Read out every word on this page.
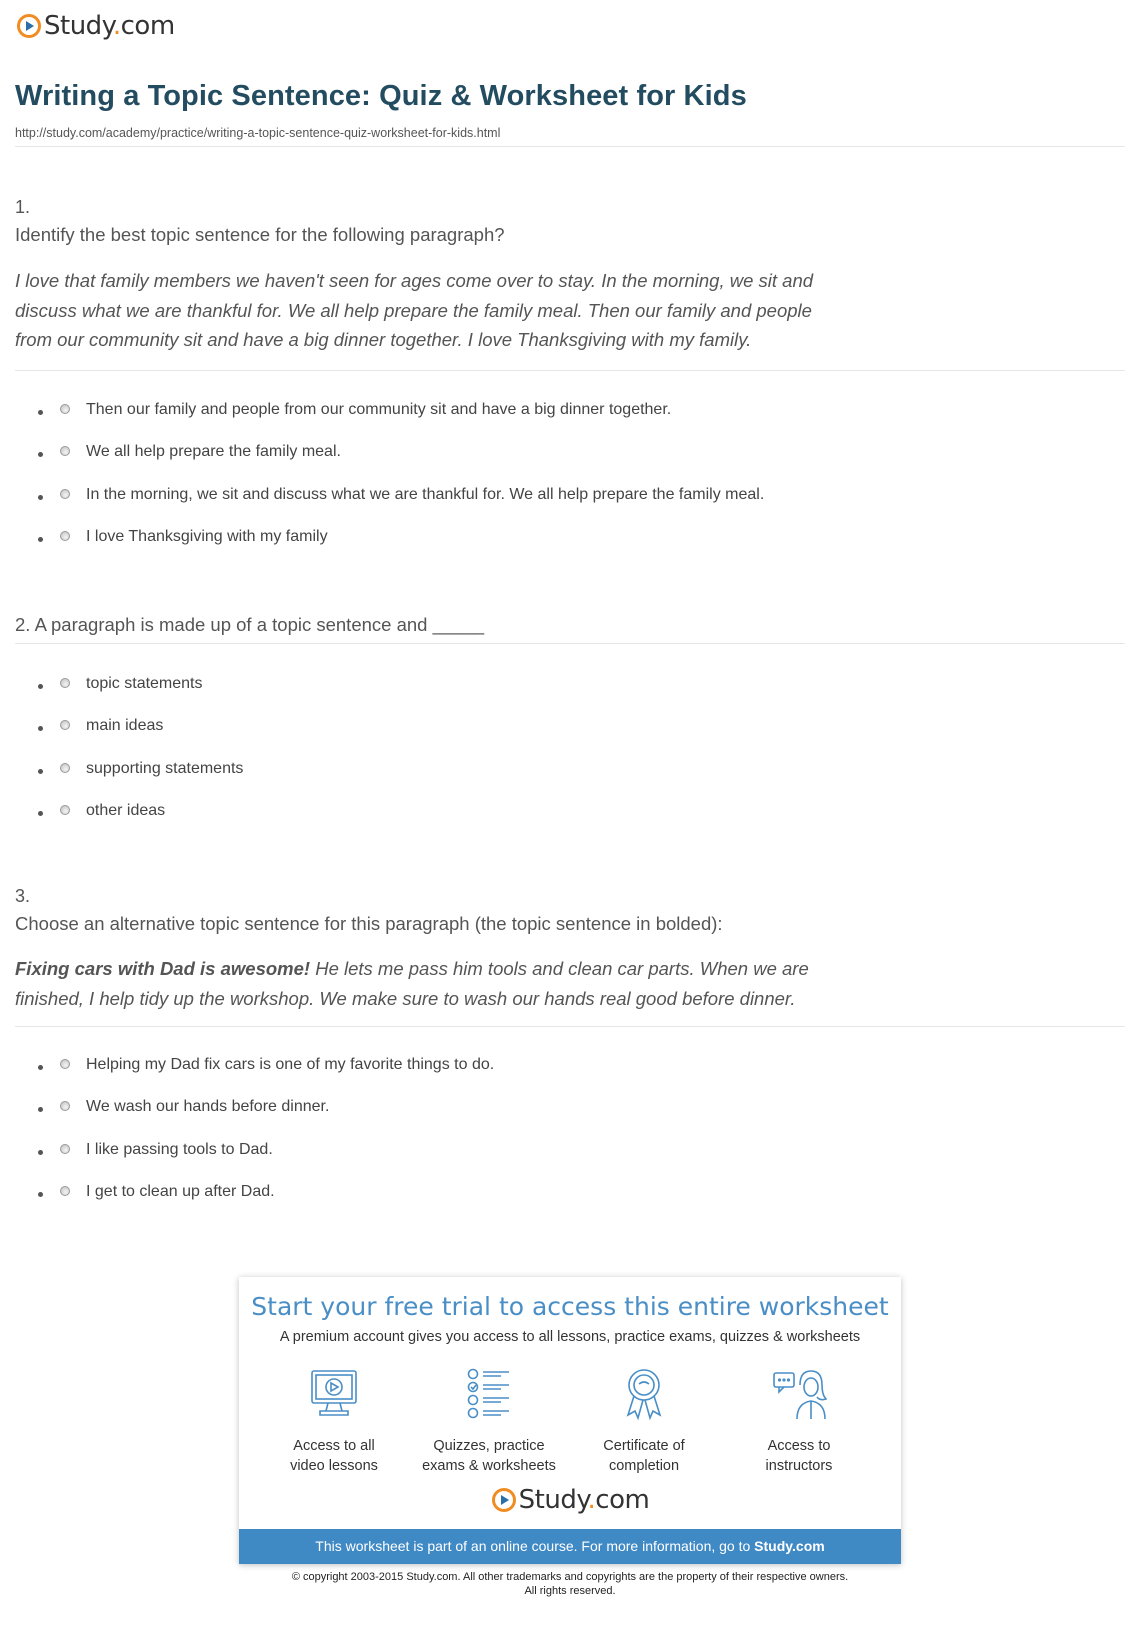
Study.com
Writing a Topic Sentence: Quiz & Worksheet for Kids
http://study.com/academy/practice/writing-a-topic-sentence-quiz-worksheet-for-kids.html
1.
Identify the best topic sentence for the following paragraph?
I love that family members we haven't seen for ages come over to stay. In the morning, we sit and
discuss what we are thankful for. We all help prepare the family meal. Then our family and people
from our community sit and have a big dinner together. I love Thanksgiving with my family.
Then our family and people from our community sit and have a big dinner together.
We all help prepare the family meal.
In the morning, we sit and discuss what we are thankful for. We all help prepare the family meal.
I love Thanksgiving with my family
2. A paragraph is made up of a topic sentence and _____
topic statements
main ideas
supporting statements
other ideas
3.
Choose an alternative topic sentence for this paragraph (the topic sentence in bolded):
Fixing cars with Dad is awesome! He lets me pass him tools and clean car parts. When we are
finished, I help tidy up the workshop. We make sure to wash our hands real good before dinner.
Helping my Dad fix cars is one of my favorite things to do.
We wash our hands before dinner.
I like passing tools to Dad.
I get to clean up after Dad.
Start your free trial to access this entire worksheet
A premium account gives you access to all lessons, practice exams, quizzes & worksheets
Access to all
video lessons
Quizzes, practice
exams & worksheets
Certificate of
completion
Access to
instructors
Study.com
This worksheet is part of an online course. For more information, go to Study.com
© copyright 2003-2015 Study.com. All other trademarks and copyrights are the property of their respective owners.
All rights reserved.
